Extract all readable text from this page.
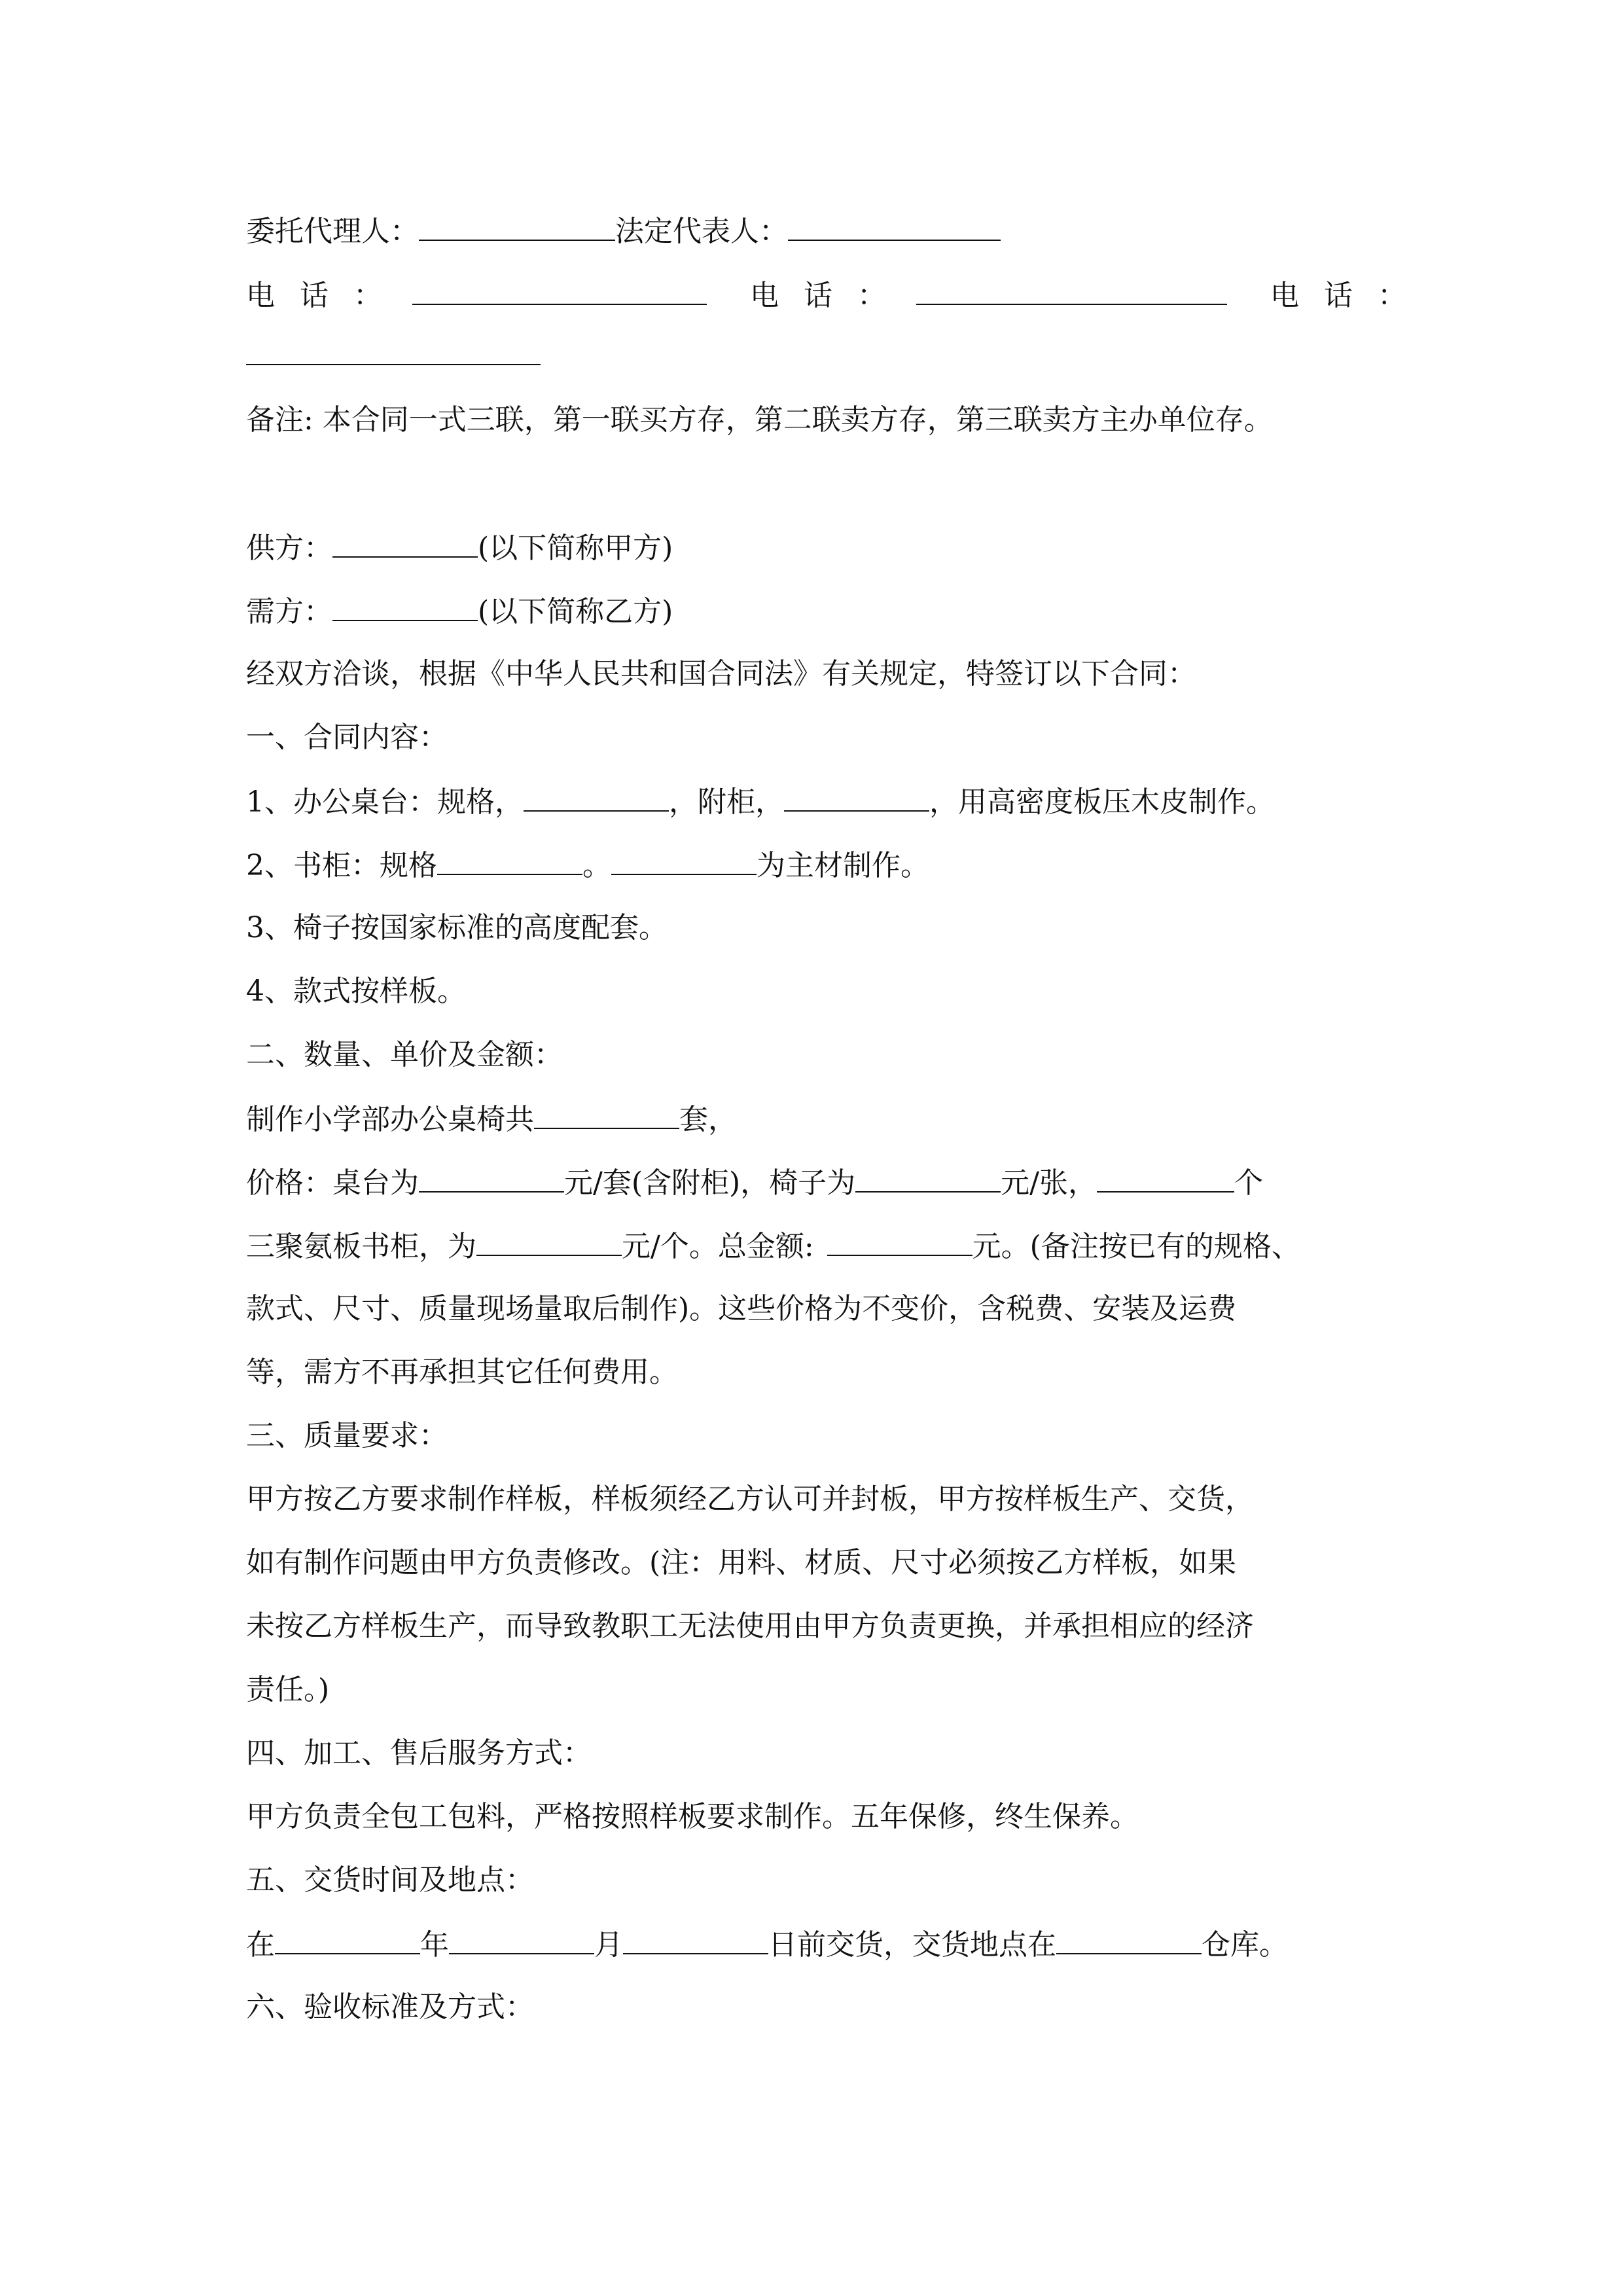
委托代理人：	法定代表人：
电 话 ：	电 话 ：	电 话 ：
备注: 本合同一式三联，第一联买方存，第二联卖方存，第三联卖方主办单位存。
供方：	(以下简称甲方)
需方：	(以下简称乙方)
经双方洽谈，根据《中华人民共和国合同法》有关规定，特签订以下合同：
一、合同内容：
1、办公桌台：规格，	，附柜，	，用高密度板压木皮制作。
2、书柜：规格	。	为主材制作。
3、椅子按国家标准的高度配套。
4、款式按样板。
二、数量、单价及金额：
制作小学部办公桌椅共	套，
价格：桌台为	元/套(含附柜)，椅子为	元/张，	个
三聚氨板书柜，为	元/个。总金额:	元。(备注按已有的规格、
款式、尺寸、质量现场量取后制作)。这些价格为不变价，含税费、安装及运费
等，需方不再承担其它任何费用。
三、质量要求：
甲方按乙方要求制作样板，样板须经乙方认可并封板，甲方按样板生产、交货，
如有制作问题由甲方负责修改。(注：用料、材质、尺寸必须按乙方样板，如果
未按乙方样板生产，而导致教职工无法使用由甲方负责更换，并承担相应的经济
责任。)
四、加工、售后服务方式：
甲方负责全包工包料，严格按照样板要求制作。五年保修，终生保养。
五、交货时间及地点：
在	年	月	日前交货，交货地点在	仓库。
六、验收标准及方式：
